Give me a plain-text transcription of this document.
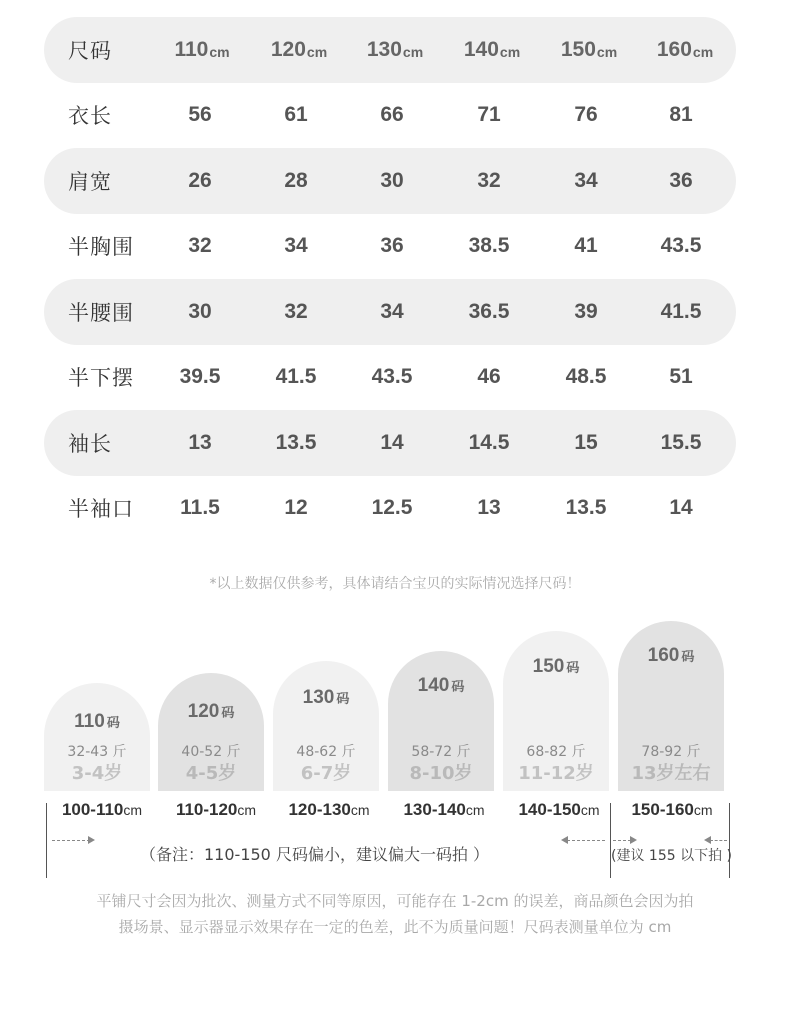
尺码	110 cm 120 cm 130 cm 140 cm 150 cm 160 cm
衣长	56	61	66	71	76	81
肩宽	26	28	30	32	34	36
半胸围	32	34	36	38.5	41	43.5
半腰围	30	32	34	36.5	39	41.5
半下摆	39.5	41.5	43.5	46	48.5	51
袖长	13	13.5	14	14.5	15	15.5
半袖口	11.5	12	12.5	13	13.5	14
*以上数据仅供参考，具体请结合宝贝的实际情况选择尺码！
110 码
32-43 斤
3-4岁
120 码
40-52 斤
4-5岁
130 码
48-62 斤
6-7岁
140 码
58-72 斤
8-10岁
150 码
68-82 斤
11-12岁
160 码
78-92 斤
13岁左右
100-110cm	110-120cm	120-130cm	130-140cm	140-150cm	150-160cm
（备注：110-150 尺码偏小，建议偏大一码拍 ）	(建议 155 以下拍 )
平铺尺寸会因为批次、测量方式不同等原因，可能存在 1-2cm 的误差，商品颜色会因为拍
摄场景、显示器显示效果存在一定的色差，此不为质量问题！尺码表测量单位为 cm
